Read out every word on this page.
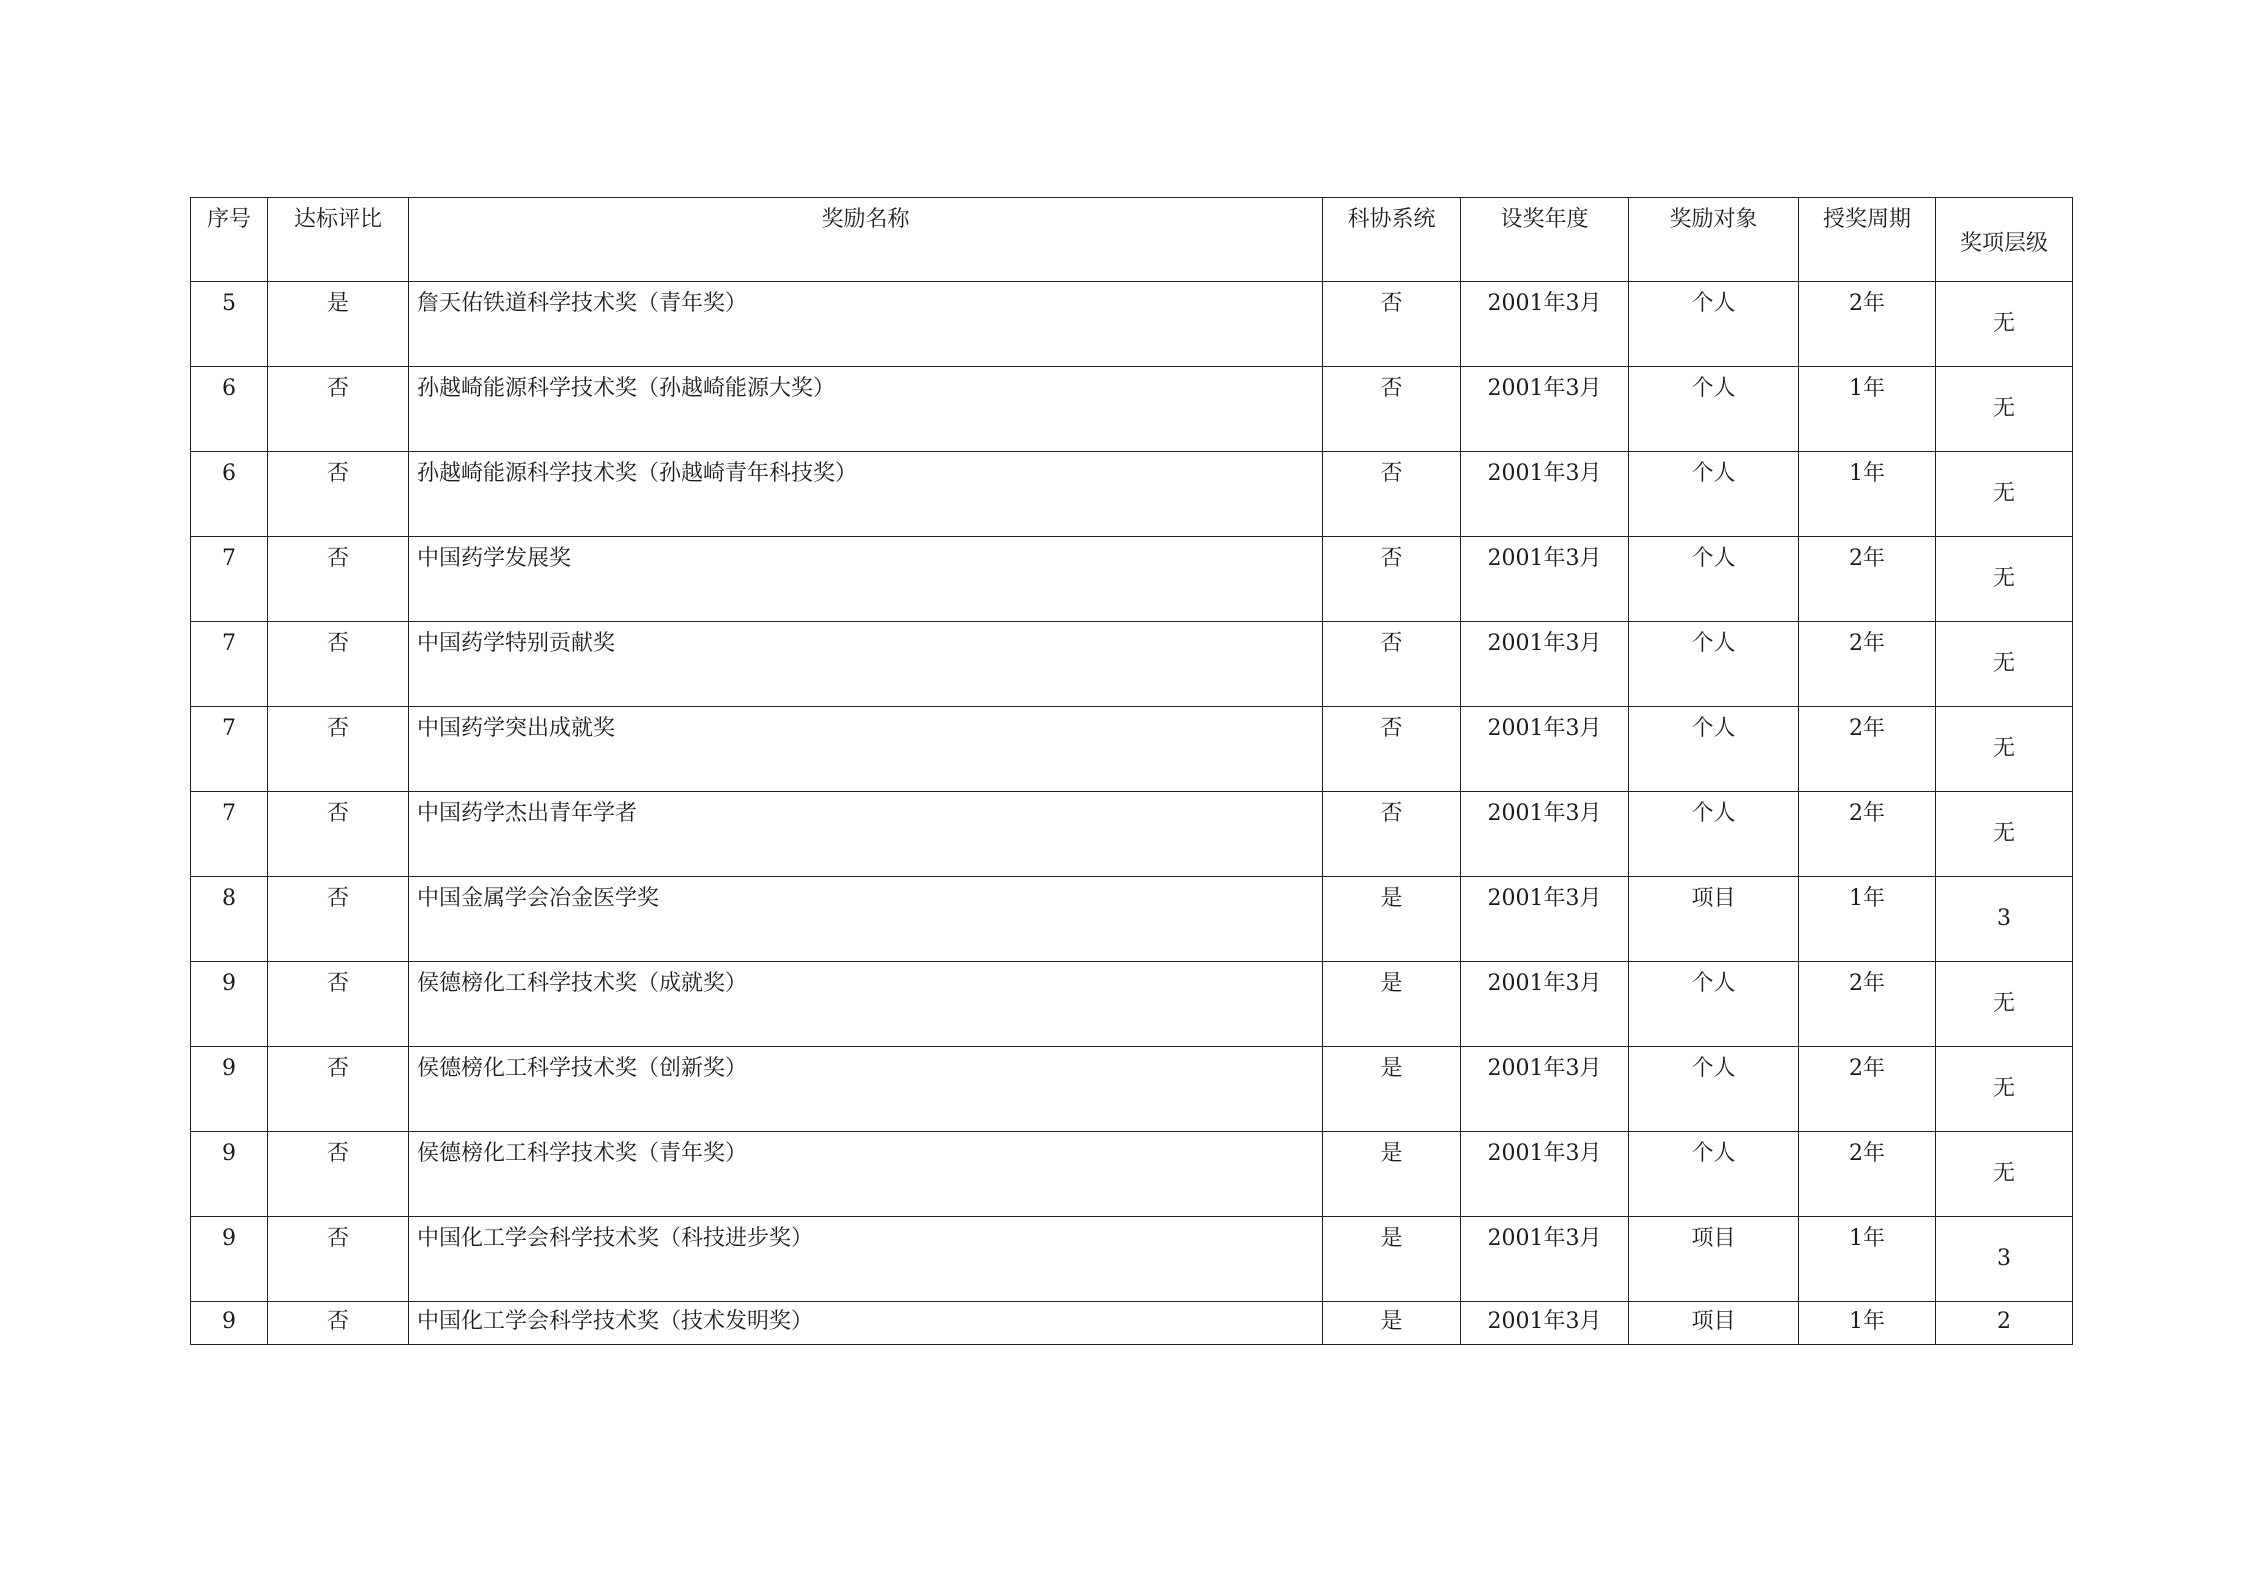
序号	达标评比	奖励名称	科协系统	设奖年度	奖励对象	授奖周期	奖项层级
5	是	詹天佑铁道科学技术奖（青年奖）	否	2001年3月	个人	2年	无
6	否	孙越崎能源科学技术奖（孙越崎能源大奖）	否	2001年3月	个人	1年	无
6	否	孙越崎能源科学技术奖（孙越崎青年科技奖）	否	2001年3月	个人	1年	无
7	否	中国药学发展奖	否	2001年3月	个人	2年	无
7	否	中国药学特别贡献奖	否	2001年3月	个人	2年	无
7	否	中国药学突出成就奖	否	2001年3月	个人	2年	无
7	否	中国药学杰出青年学者	否	2001年3月	个人	2年	无
8	否	中国金属学会冶金医学奖	是	2001年3月	项目	1年	3
9	否	侯德榜化工科学技术奖（成就奖）	是	2001年3月	个人	2年	无
9	否	侯德榜化工科学技术奖（创新奖）	是	2001年3月	个人	2年	无
9	否	侯德榜化工科学技术奖（青年奖）	是	2001年3月	个人	2年	无
9	否	中国化工学会科学技术奖（科技进步奖）	是	2001年3月	项目	1年	3
9	否	中国化工学会科学技术奖（技术发明奖）	是	2001年3月	项目	1年	2
